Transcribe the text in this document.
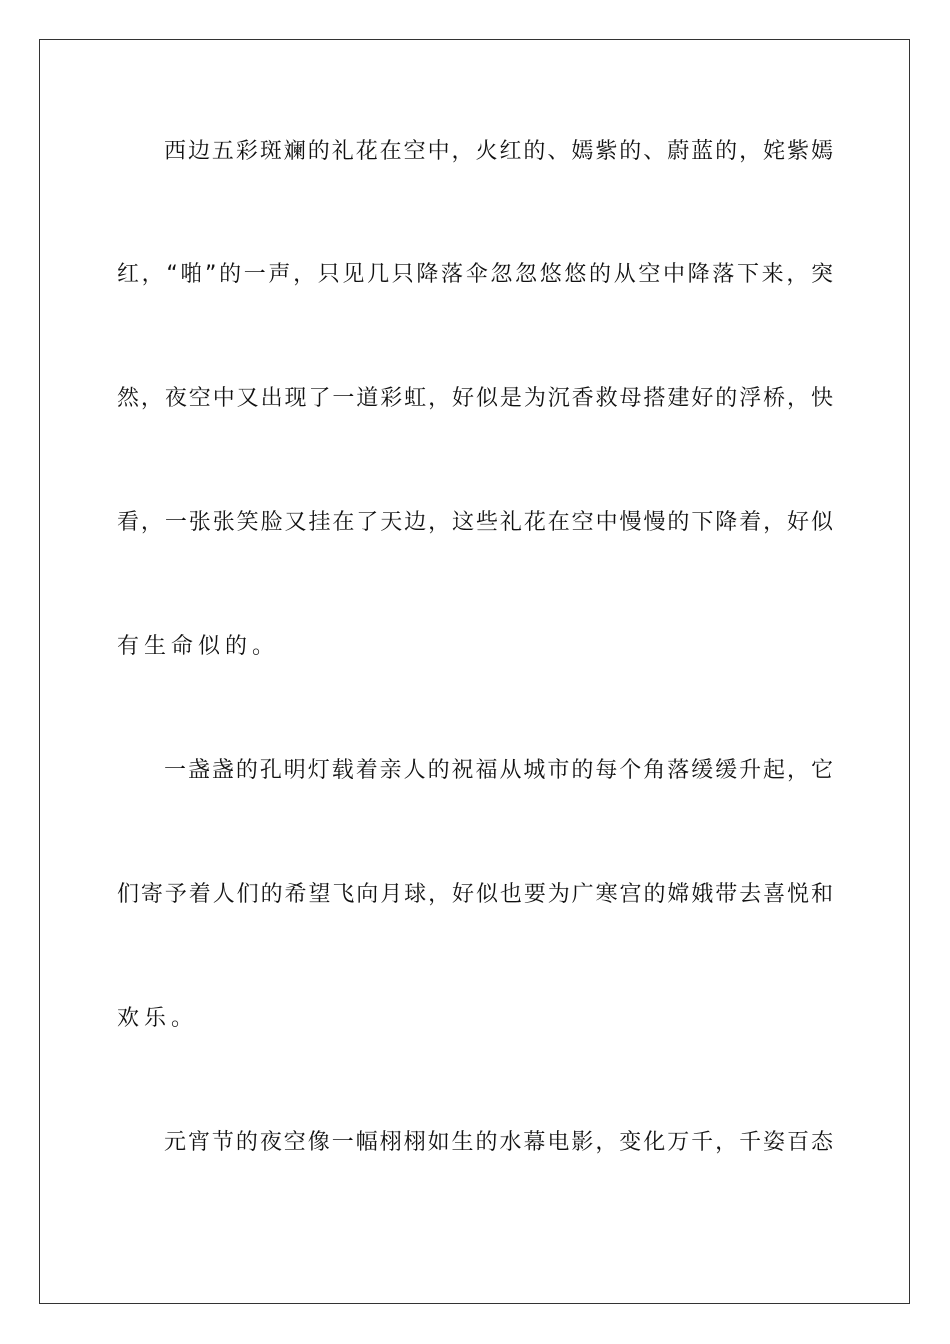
西边五彩斑斓的礼花在空中，火红的、嫣紫的、蔚蓝的，姹紫嫣
红，“啪”的一声，只见几只降落伞忽忽悠悠的从空中降落下来，突
然，夜空中又出现了一道彩虹，好似是为沉香救母搭建好的浮桥，快
看，一张张笑脸又挂在了天边，这些礼花在空中慢慢的下降着，好似
有生命似的。
一盏盏的孔明灯载着亲人的祝福从城市的每个角落缓缓升起，它
们寄予着人们的希望飞向月球，好似也要为广寒宫的嫦娥带去喜悦和
欢乐。
元宵节的夜空像一幅栩栩如生的水幕电影，变化万千，千姿百态
